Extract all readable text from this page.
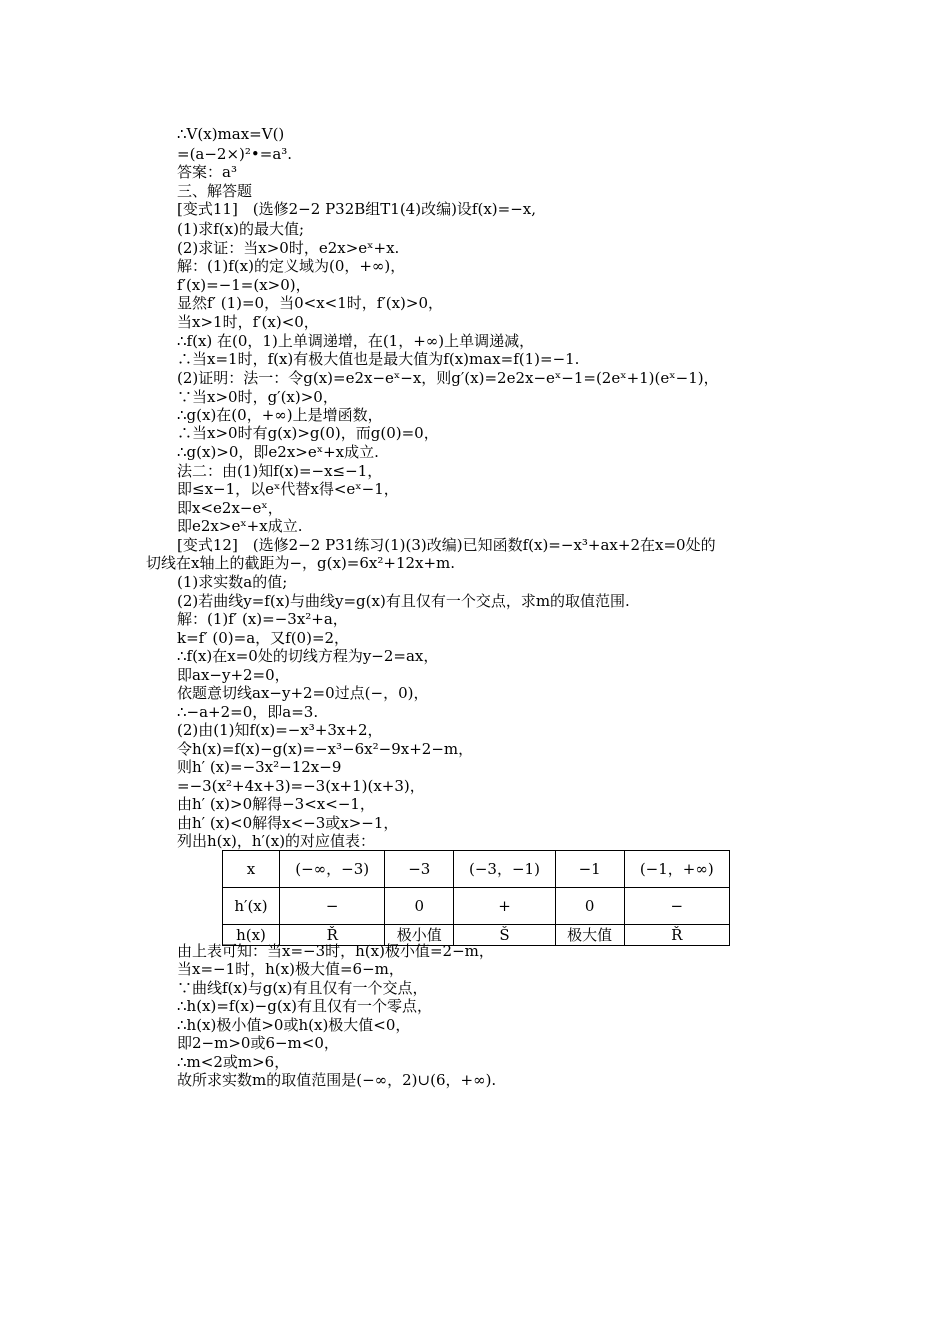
∴V(x)max=V()
=(a−2×)²•=a³.
答案：a³
三、解答题
[变式11]　(选修2−2 P32B组T1(4)改编)设f(x)=−x,
(1)求f(x)的最大值;
(2)求证：当x>0时，e2x>eˣ+x.
解：(1)f(x)的定义域为(0，+∞)，
f′(x)=−1=(x>0)，
显然f′ (1)=0，当0<x<1时，f′(x)>0，
当x>1时，f′(x)<0，
∴f(x) 在(0，1)上单调递增，在(1，+∞)上单调递减，
∴当x=1时，f(x)有极大值也是最大值为f(x)max=f(1)=−1.
(2)证明：法一：令g(x)=e2x−eˣ−x，则g′(x)=2e2x−eˣ−1=(2eˣ+1)(eˣ−1)，
∵当x>0时，g′(x)>0，
∴g(x)在(0，+∞)上是增函数，
∴当x>0时有g(x)>g(0)，而g(0)=0，
∴g(x)>0，即e2x>eˣ+x成立.
法二：由(1)知f(x)=−x≤−1，
即≤x−1，以eˣ代替x得<eˣ−1，
即x<e2x−eˣ，
即e2x>eˣ+x成立.
[变式12]　(选修2−2 P31练习(1)(3)改编)已知函数f(x)=−x³+ax+2在x=0处的
切线在x轴上的截距为−，g(x)=6x²+12x+m.
(1)求实数a的值;
(2)若曲线y=f(x)与曲线y=g(x)有且仅有一个交点，求m的取值范围.
解：(1)f′ (x)=−3x²+a，
k=f′ (0)=a，又f(0)=2，
∴f(x)在x=0处的切线方程为y−2=ax，
即ax−y+2=0，
依题意切线ax−y+2=0过点(−，0)，
∴−a+2=0，即a=3.
(2)由(1)知f(x)=−x³+3x+2，
令h(x)=f(x)−g(x)=−x³−6x²−9x+2−m，
则h′ (x)=−3x²−12x−9
=−3(x²+4x+3)=−3(x+1)(x+3)，
由h′ (x)>0解得−3<x<−1，
由h′ (x)<0解得x<−3或x>−1，
列出h(x)，h′(x)的对应值表：
x	(−∞，−3)	−3	(−3，−1)	−1	(−1，+∞)
h′(x)	−	0	+	0	−
h(x)	Ř	极小值	Š	极大值	Ř
由上表可知：当x=−3时，h(x)极小值=2−m，
当x=−1时，h(x)极大值=6−m，
∵曲线f(x)与g(x)有且仅有一个交点，
∴h(x)=f(x)−g(x)有且仅有一个零点，
∴h(x)极小值>0或h(x)极大值<0，
即2−m>0或6−m<0，
∴m<2或m>6，
故所求实数m的取值范围是(−∞，2)∪(6，+∞).
